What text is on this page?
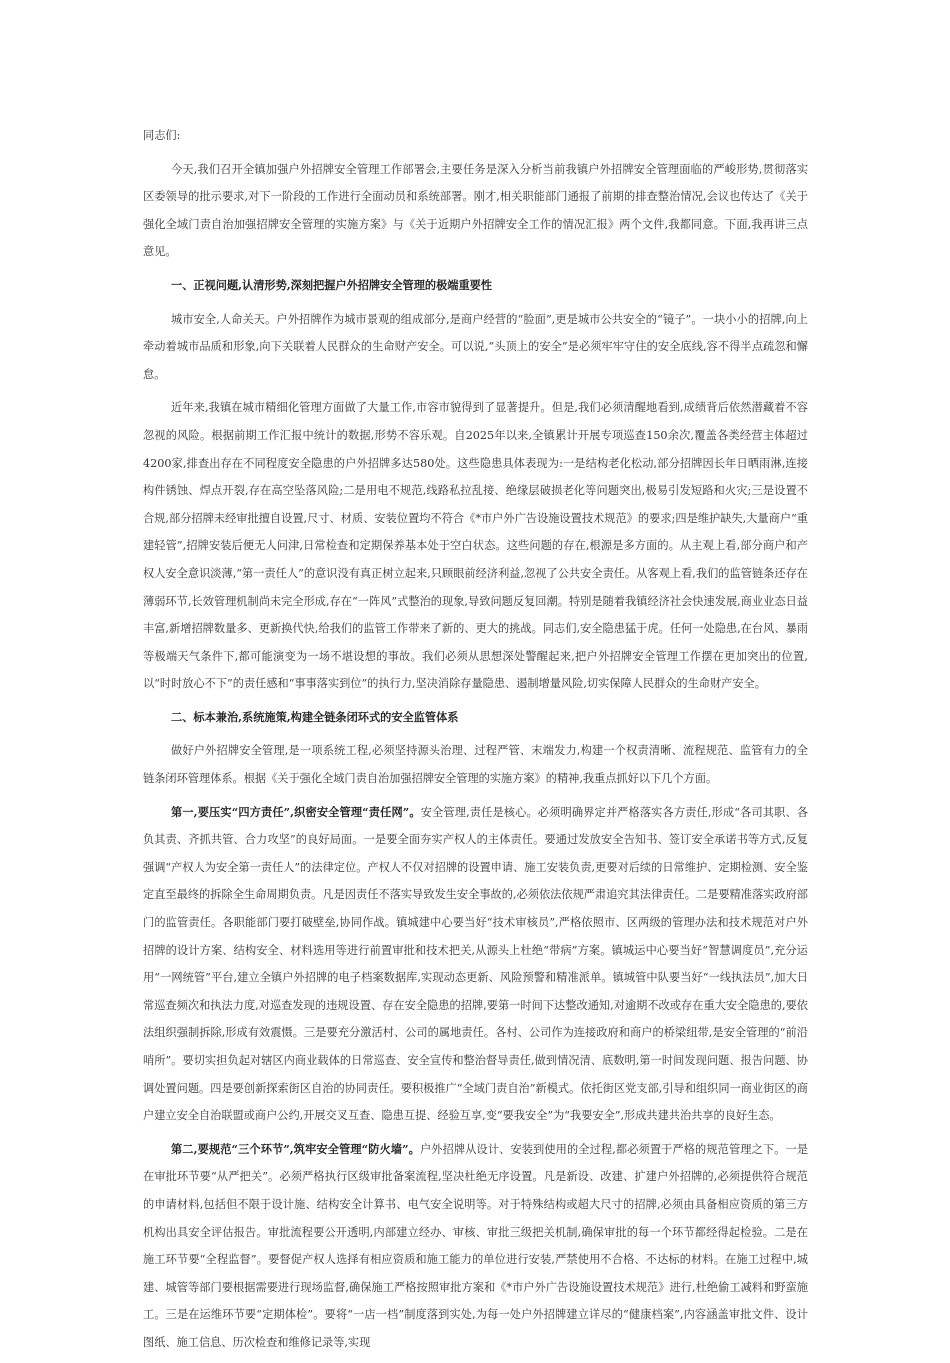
同志们:

今天,我们召开全镇加强户外招牌安全管理工作部署会,主要任务是深入分析当前我镇户外招牌安全管理面临的严峻形势,贯彻落实区委领导的批示要求,对下一阶段的工作进行全面动员和系统部署。刚才,相关职能部门通报了前期的排查整治情况,会议也传达了《关于强化全域门责自治加强招牌安全管理的实施方案》与《关于近期户外招牌安全工作的情况汇报》两个文件,我都同意。下面,我再讲三点意见。

一、正视问题,认清形势,深刻把握户外招牌安全管理的极端重要性

城市安全,人命关天。户外招牌作为城市景观的组成部分,是商户经营的“脸面”,更是城市公共安全的“镜子”。一块小小的招牌,向上牵动着城市品质和形象,向下关联着人民群众的生命财产安全。可以说,“头顶上的安全”是必须牢牢守住的安全底线,容不得半点疏忽和懈怠。

近年来,我镇在城市精细化管理方面做了大量工作,市容市貌得到了显著提升。但是,我们必须清醒地看到,成绩背后依然潜藏着不容忽视的风险。根据前期工作汇报中统计的数据,形势不容乐观。自2025年以来,全镇累计开展专项巡查150余次,覆盖各类经营主体超过4200家,排查出存在不同程度安全隐患的户外招牌多达580处。这些隐患具体表现为:一是结构老化松动,部分招牌因长年日晒雨淋,连接构件锈蚀、焊点开裂,存在高空坠落风险;二是用电不规范,线路私拉乱接、绝缘层破损老化等问题突出,极易引发短路和火灾;三是设置不合规,部分招牌未经审批擅自设置,尺寸、材质、安装位置均不符合《*市户外广告设施设置技术规范》的要求;四是维护缺失,大量商户“重建轻管”,招牌安装后便无人问津,日常检查和定期保养基本处于空白状态。这些问题的存在,根源是多方面的。从主观上看,部分商户和产权人安全意识淡薄,“第一责任人”的意识没有真正树立起来,只顾眼前经济利益,忽视了公共安全责任。从客观上看,我们的监管链条还存在薄弱环节,长效管理机制尚未完全形成,存在“一阵风”式整治的现象,导致问题反复回潮。特别是随着我镇经济社会快速发展,商业业态日益丰富,新增招牌数量多、更新换代快,给我们的监管工作带来了新的、更大的挑战。同志们,安全隐患猛于虎。任何一处隐患,在台风、暴雨等极端天气条件下,都可能演变为一场不堪设想的事故。我们必须从思想深处警醒起来,把户外招牌安全管理工作摆在更加突出的位置,以“时时放心不下”的责任感和“事事落实到位”的执行力,坚决消除存量隐患、遏制增量风险,切实保障人民群众的生命财产安全。

二、标本兼治,系统施策,构建全链条闭环式的安全监管体系

做好户外招牌安全管理,是一项系统工程,必须坚持源头治理、过程严管、末端发力,构建一个权责清晰、流程规范、监管有力的全链条闭环管理体系。根据《关于强化全域门责自治加强招牌安全管理的实施方案》的精神,我重点抓好以下几个方面。

第一,要压实“四方责任”,织密安全管理“责任网”。安全管理,责任是核心。必须明确界定并严格落实各方责任,形成“各司其职、各负其责、齐抓共管、合力攻坚”的良好局面。一是要全面夯实产权人的主体责任。要通过发放安全告知书、签订安全承诺书等方式,反复强调“产权人为安全第一责任人”的法律定位。产权人不仅对招牌的设置申请、施工安装负责,更要对后续的日常维护、定期检测、安全鉴定直至最终的拆除全生命周期负责。凡是因责任不落实导致发生安全事故的,必须依法依规严肃追究其法律责任。二是要精准落实政府部门的监管责任。各职能部门要打破壁垒,协同作战。镇城建中心要当好“技术审核员”,严格依照市、区两级的管理办法和技术规范对户外招牌的设计方案、结构安全、材料选用等进行前置审批和技术把关,从源头上杜绝“带病”方案。镇城运中心要当好“智慧调度员”,充分运用“一网统管”平台,建立全镇户外招牌的电子档案数据库,实现动态更新、风险预警和精准派单。镇城管中队要当好“一线执法员”,加大日常巡查频次和执法力度,对巡查发现的违规设置、存在安全隐患的招牌,要第一时间下达整改通知,对逾期不改或存在重大安全隐患的,要依法组织强制拆除,形成有效震慑。三是要充分激活村、公司的属地责任。各村、公司作为连接政府和商户的桥梁纽带,是安全管理的“前沿哨所”。要切实担负起对辖区内商业载体的日常巡查、安全宣传和整治督导责任,做到情况清、底数明,第一时间发现问题、报告问题、协调处置问题。四是要创新探索街区自治的协同责任。要积极推广“全域门责自治”新模式。依托街区党支部,引导和组织同一商业街区的商户建立安全自治联盟或商户公约,开展交叉互查、隐患互提、经验互享,变“要我安全”为“我要安全”,形成共建共治共享的良好生态。

第二,要规范“三个环节”,筑牢安全管理“防火墙”。户外招牌从设计、安装到使用的全过程,都必须置于严格的规范管理之下。一是在审批环节要“从严把关”。必须严格执行区级审批备案流程,坚决杜绝无序设置。凡是新设、改建、扩建户外招牌的,必须提供符合规范的申请材料,包括但不限于设计施、结构安全计算书、电气安全说明等。对于特殊结构或超大尺寸的招牌,必须由具备相应资质的第三方机构出具安全评估报告。审批流程要公开透明,内部建立经办、审核、审批三级把关机制,确保审批的每一个环节都经得起检验。二是在施工环节要“全程监督”。要督促产权人选择有相应资质和施工能力的单位进行安装,严禁使用不合格、不达标的材料。在施工过程中,城建、城管等部门要根据需要进行现场监督,确保施工严格按照审批方案和《*市户外广告设施设置技术规范》进行,杜绝偷工减料和野蛮施工。三是在运维环节要“定期体检”。要将“一店一档”制度落到实处,为每一处户外招牌建立详尽的“健康档案”,内容涵盖审批文件、设计图纸、施工信息、历次检查和维修记录等,实现
